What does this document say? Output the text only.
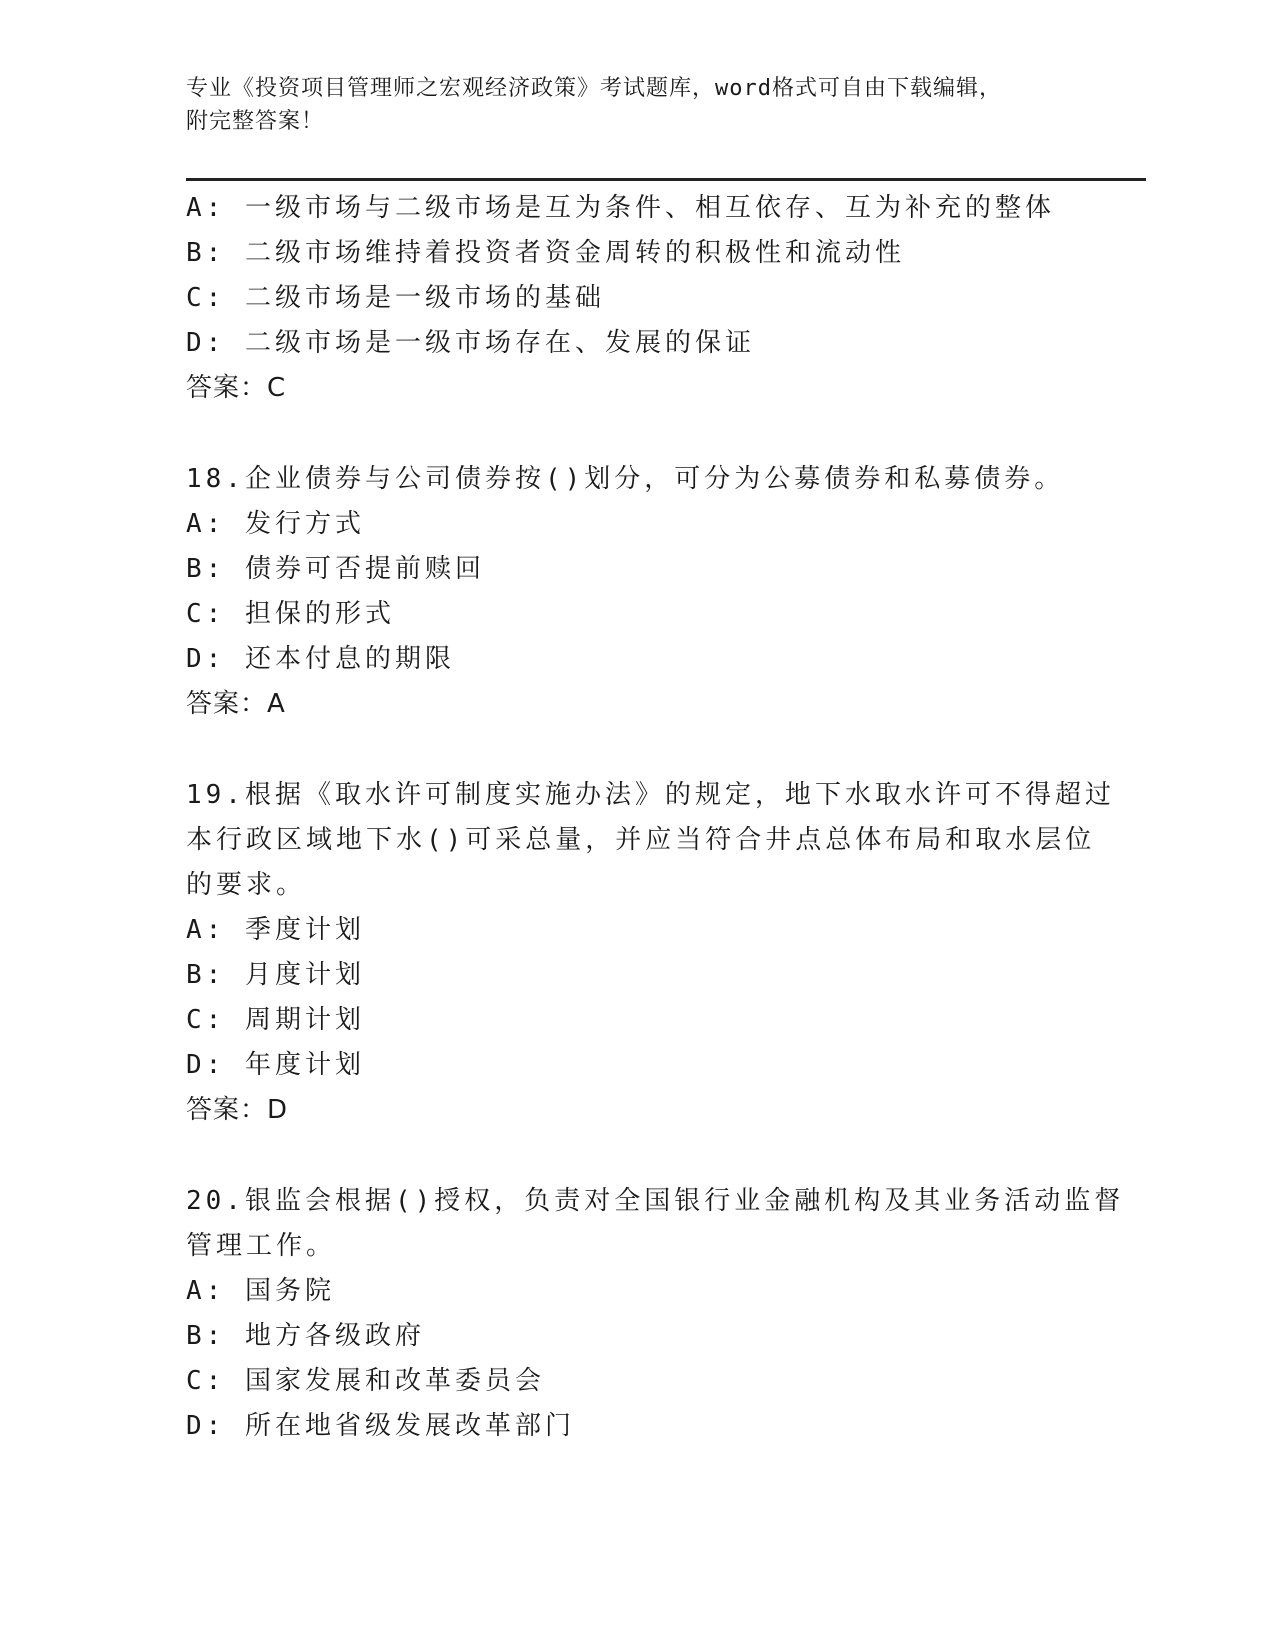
专业《投资项目管理师之宏观经济政策》考试题库，word格式可自由下载编辑，
附完整答案！
A: 一级市场与二级市场是互为条件、相互依存、互为补充的整体
B: 二级市场维持着投资者资金周转的积极性和流动性
C: 二级市场是一级市场的基础
D: 二级市场是一级市场存在、发展的保证
答案：C
18.企业债券与公司债券按()划分，可分为公募债券和私募债券。
A: 发行方式
B: 债券可否提前赎回
C: 担保的形式
D: 还本付息的期限
答案：A
19.根据《取水许可制度实施办法》的规定，地下水取水许可不得超过
本行政区域地下水()可采总量，并应当符合井点总体布局和取水层位
的要求。
A: 季度计划
B: 月度计划
C: 周期计划
D: 年度计划
答案：D
20.银监会根据()授权，负责对全国银行业金融机构及其业务活动监督
管理工作。
A: 国务院
B: 地方各级政府
C: 国家发展和改革委员会
D: 所在地省级发展改革部门
